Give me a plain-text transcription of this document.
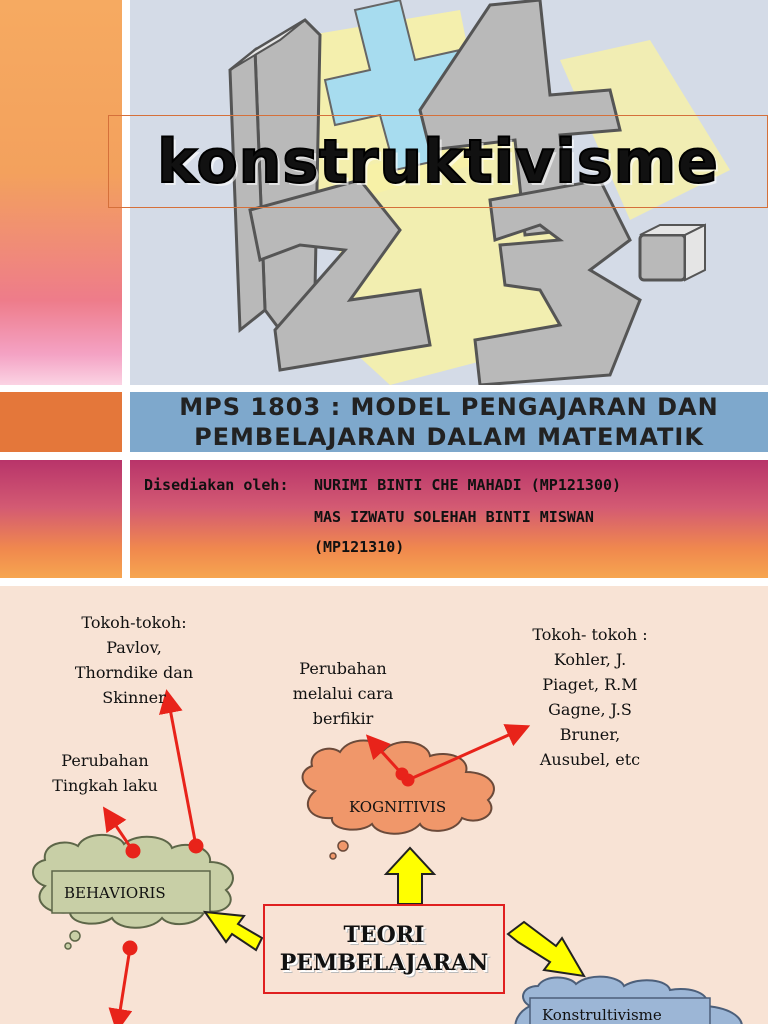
konstruktivisme
MPS 1803 : MODEL PENGAJARAN DAN
PEMBELAJARAN DALAM MATEMATIK
Disediakan oleh: NURIMI BINTI CHE MAHADI (MP121300)
MAS IZWATU SOLEHAH BINTI MISWAN
(MP121310)
Tokoh-tokoh:
Pavlov,
Thorndike dan
Skinner
Perubahan
Tingkah laku
Perubahan
melalui cara
berfikir
Tokoh- tokoh :
Kohler, J.
Piaget, R.M
Gagne, J.S
Bruner,
Ausubel, etc
KOGNITIVIS
BEHAVIORIS
Konstrultivisme
TEORI
PEMBELAJARAN
